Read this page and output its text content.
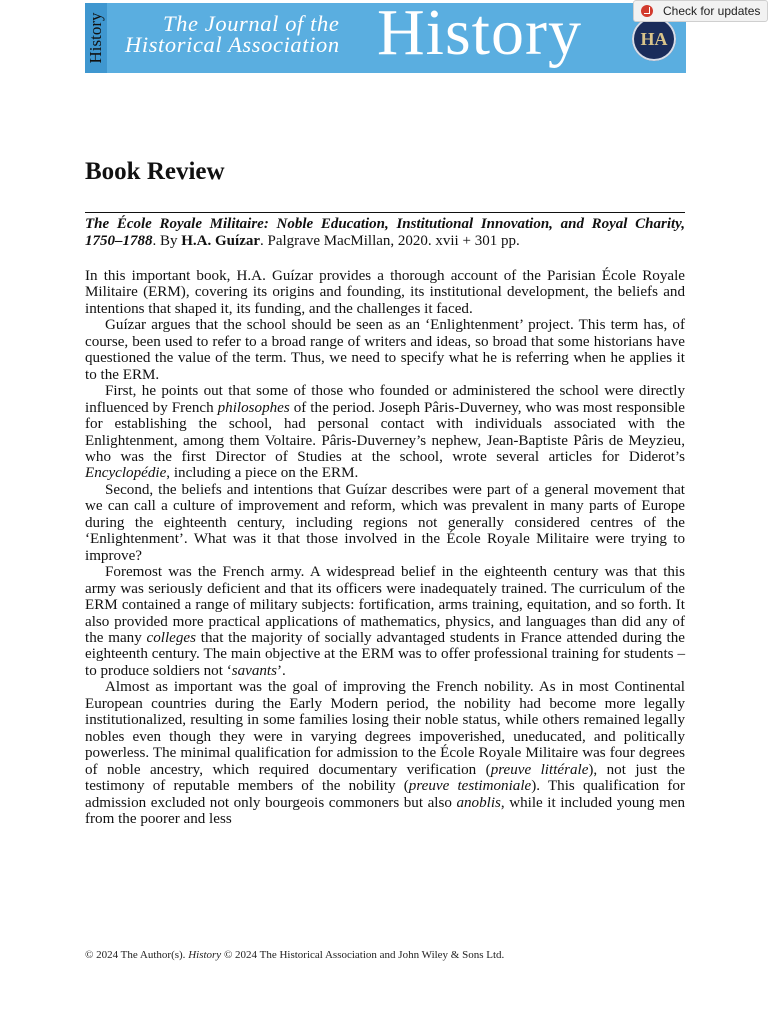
History	The Journal of the
Historical Association History	HA
Check for updates
Book Review
The École Royale Militaire: Noble Education, Institutional Innovation, and Royal Charity, 1750–1788. By H.A. Guízar. Palgrave MacMillan, 2020. xvii + 301 pp.

In this important book, H.A. Guízar provides a thorough account of the Parisian École Royale Militaire (ERM), covering its origins and founding, its institutional development, the beliefs and intentions that shaped it, its funding, and the challenges it faced.

Guízar argues that the school should be seen as an ‘Enlightenment’ project. This term has, of course, been used to refer to a broad range of writers and ideas, so broad that some historians have questioned the value of the term. Thus, we need to specify what he is referring when he applies it to the ERM.

First, he points out that some of those who founded or administered the school were directly influenced by French philosophes of the period. Joseph Pâris-Duverney, who was most responsible for establishing the school, had personal contact with individuals associated with the Enlightenment, among them Voltaire. Pâris-Duverney’s nephew, Jean-Baptiste Pâris de Meyzieu, who was the first Director of Studies at the school, wrote several articles for Diderot’s Encyclopédie, including a piece on the ERM.

Second, the beliefs and intentions that Guízar describes were part of a general movement that we can call a culture of improvement and reform, which was prevalent in many parts of Europe during the eighteenth century, including regions not generally considered centres of the ‘Enlightenment’. What was it that those involved in the École Royale Militaire were trying to improve?

Foremost was the French army. A widespread belief in the eighteenth century was that this army was seriously deficient and that its officers were inadequately trained. The curriculum of the ERM contained a range of military subjects: fortification, arms training, equitation, and so forth. It also provided more practical applications of mathematics, physics, and languages than did any of the many colleges that the majority of socially advantaged students in France attended during the eighteenth century. The main objective at the ERM was to offer professional training for students – to produce soldiers not ‘savants’.

Almost as important was the goal of improving the French nobility. As in most Continental European countries during the Early Modern period, the nobility had become more legally institutionalized, resulting in some families losing their noble status, while others remained legally nobles even though they were in varying degrees impoverished, uneducated, and politically powerless. The minimal qualification for admission to the École Royale Militaire was four degrees of noble ancestry, which required documentary verification (preuve littérale), not just the testimony of reputable members of the nobility (preuve testimoniale). This qualification for admission excluded not only bourgeois commoners but also anoblis, while it included young men from the poorer and less

© 2024 The Author(s). History © 2024 The Historical Association and John Wiley & Sons Ltd.
